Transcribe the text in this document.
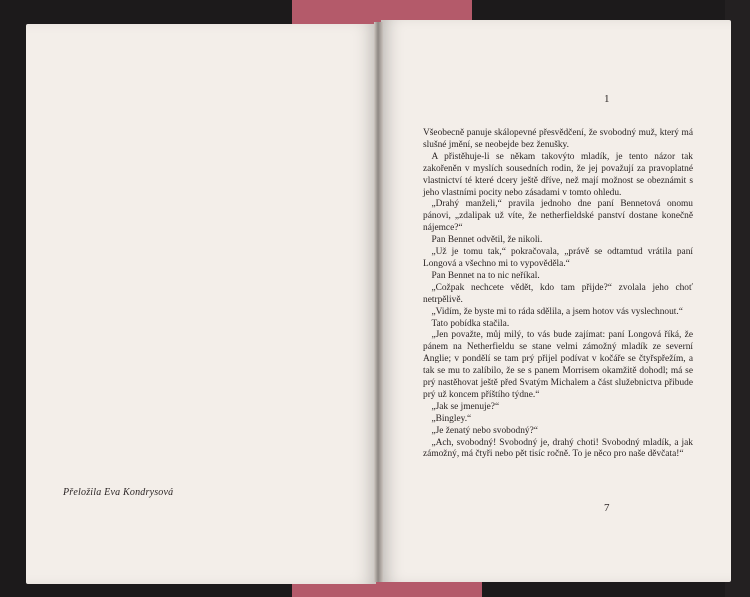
Přeložila Eva Kondrysová
1

Všeobecně panuje skálopevné přesvědčení, že svobodný muž, který má slušné jmění, se neobejde bez ženušky.

A přistěhuje-li se někam takovýto mladík, je tento názor tak zakořeněn v myslích sousedních rodin, že jej považují za pravoplatné vlastnictví té které dcery ještě dříve, než mají možnost se obeznámit s jeho vlastními pocity nebo zásadami v tomto ohledu.

„Drahý manželi,“ pravila jednoho dne paní Bennetová onomu pánovi, „zdalipak už víte, že netherfieldské panství dostane konečně nájemce?“

Pan Bennet odvětil, že nikoli.

„Už je tomu tak,“ pokračovala, „právě se odtamtud vrátila paní Longová a všechno mi to vypověděla.“

Pan Bennet na to nic neříkal.

„Cožpak nechcete vědět, kdo tam přijde?“ zvolala jeho choť netrpělivě.

„Vidím, že byste mi to ráda sdělila, a jsem hotov vás vyslechnout.“

Tato pobídka stačila.

„Jen považte, můj milý, to vás bude zajímat: paní Longová říká, že pánem na Netherfieldu se stane velmi zámožný mladík ze severní Anglie; v pondělí se tam prý přijel podívat v kočáře se čtyřspřežím, a tak se mu to zalíbilo, že se s panem Morrisem okamžitě dohodl; má se prý nastěhovat ještě před Svatým Michalem a část služebnictva přibude prý už koncem příštího týdne.“

„Jak se jmenuje?“

„Bingley.“

„Je ženatý nebo svobodný?“

„Ach, svobodný! Svobodný je, drahý choti! Svobodný mladík, a jak zámožný, má čtyři nebo pět tisíc ročně. To je něco pro naše děvčata!“

7
